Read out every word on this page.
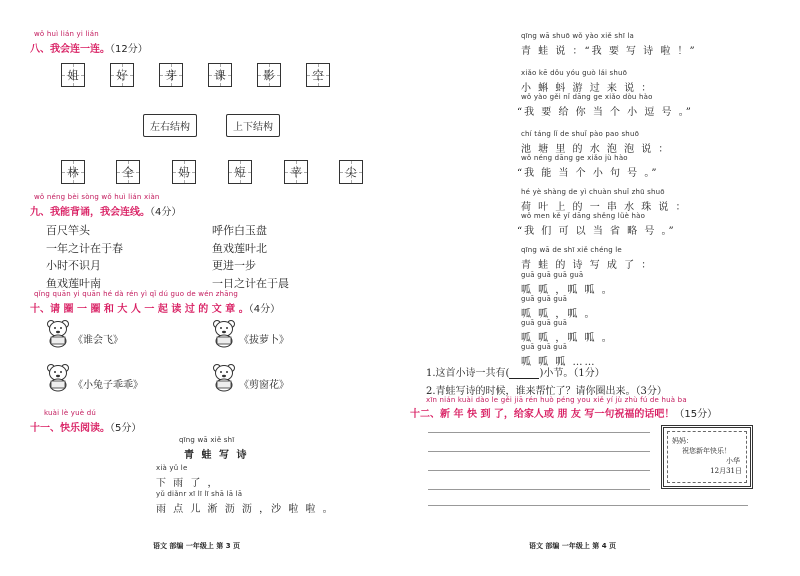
wǒ huì lián yi lián
八、我会连一连。（12分）
姐	好	芽	课	影	空
左右结构	上下结构
林	全	妈	短	苹	尖
wǒ néng bèi sòng wǒ huì lián xiàn
九、我能背诵，我会连线。（4分）
百尺竿头
一年之计在于春
小时不识月
鱼戏莲叶南
呼作白玉盘
鱼戏莲叶北
更进一步
一日之计在于晨
qǐng quān yi quān hé dà rén yì qǐ dú guo de wén zhāng
十、请 圈 一 圈 和 大 人 一 起 读 过 的 文 章 。（4分）
《谁会飞》	《拔萝卜》
《小兔子乖乖》	《剪窗花》
kuài lè yuè dú
十一、快乐阅读。（5分）
qīng wā xiě shī
青 蛙 写 诗
xià yǔ le
下 雨 了 ，
yǔ diǎnr xī lī lī shā lā lā
雨 点 儿 淅 沥 沥 ，沙 啦 啦 。
语文 部编 一年级上 第 3 页
qīng wā shuō wǒ yào xiě shī la
青 蛙 说 ：“我 要 写 诗 啦 ！”
xiǎo kē dǒu yóu guò lái shuō
小 蝌 蚪 游 过 来 说 ：
wǒ yào gěi nǐ dāng ge xiǎo dòu hào
“我 要 给 你 当 个 小 逗 号 。”
chí táng lǐ de shuǐ pào pao shuō
池 塘 里 的 水 泡 泡 说 ：
wǒ néng dāng ge xiǎo jù hào
“我 能 当 个 小 句 号 。”
hé yè shàng de yì chuàn shuǐ zhū shuō
荷 叶 上 的 一 串 水 珠 说 ：
wǒ men kě yǐ dāng shěng lüè hào
“我 们 可 以 当 省 略 号 。”
qīng wā de shī xiě chéng le
青 蛙 的 诗 写 成 了 ：
guā guā guā guā
呱 呱 ，呱 呱 。
guā guā guā
呱 呱 ，呱 。
guā guā guā
呱 呱 ，呱 呱 。
guā guā guā
呱 呱 呱 ……
1.这首小诗一共有(	)小节。（1分）
2.青蛙写诗的时候，谁来帮忙了？请你圈出来。（3分）
xīn nián kuài dào le gěi jiā rén huò péng you xiě yí jù zhù fú de huà ba
十二、新 年 快 到 了，给家人或 朋 友 写一句祝福的话吧！（15分）
妈妈：
祝您新年快乐！
小华
12月31日
语文 部编 一年级上 第 4 页
